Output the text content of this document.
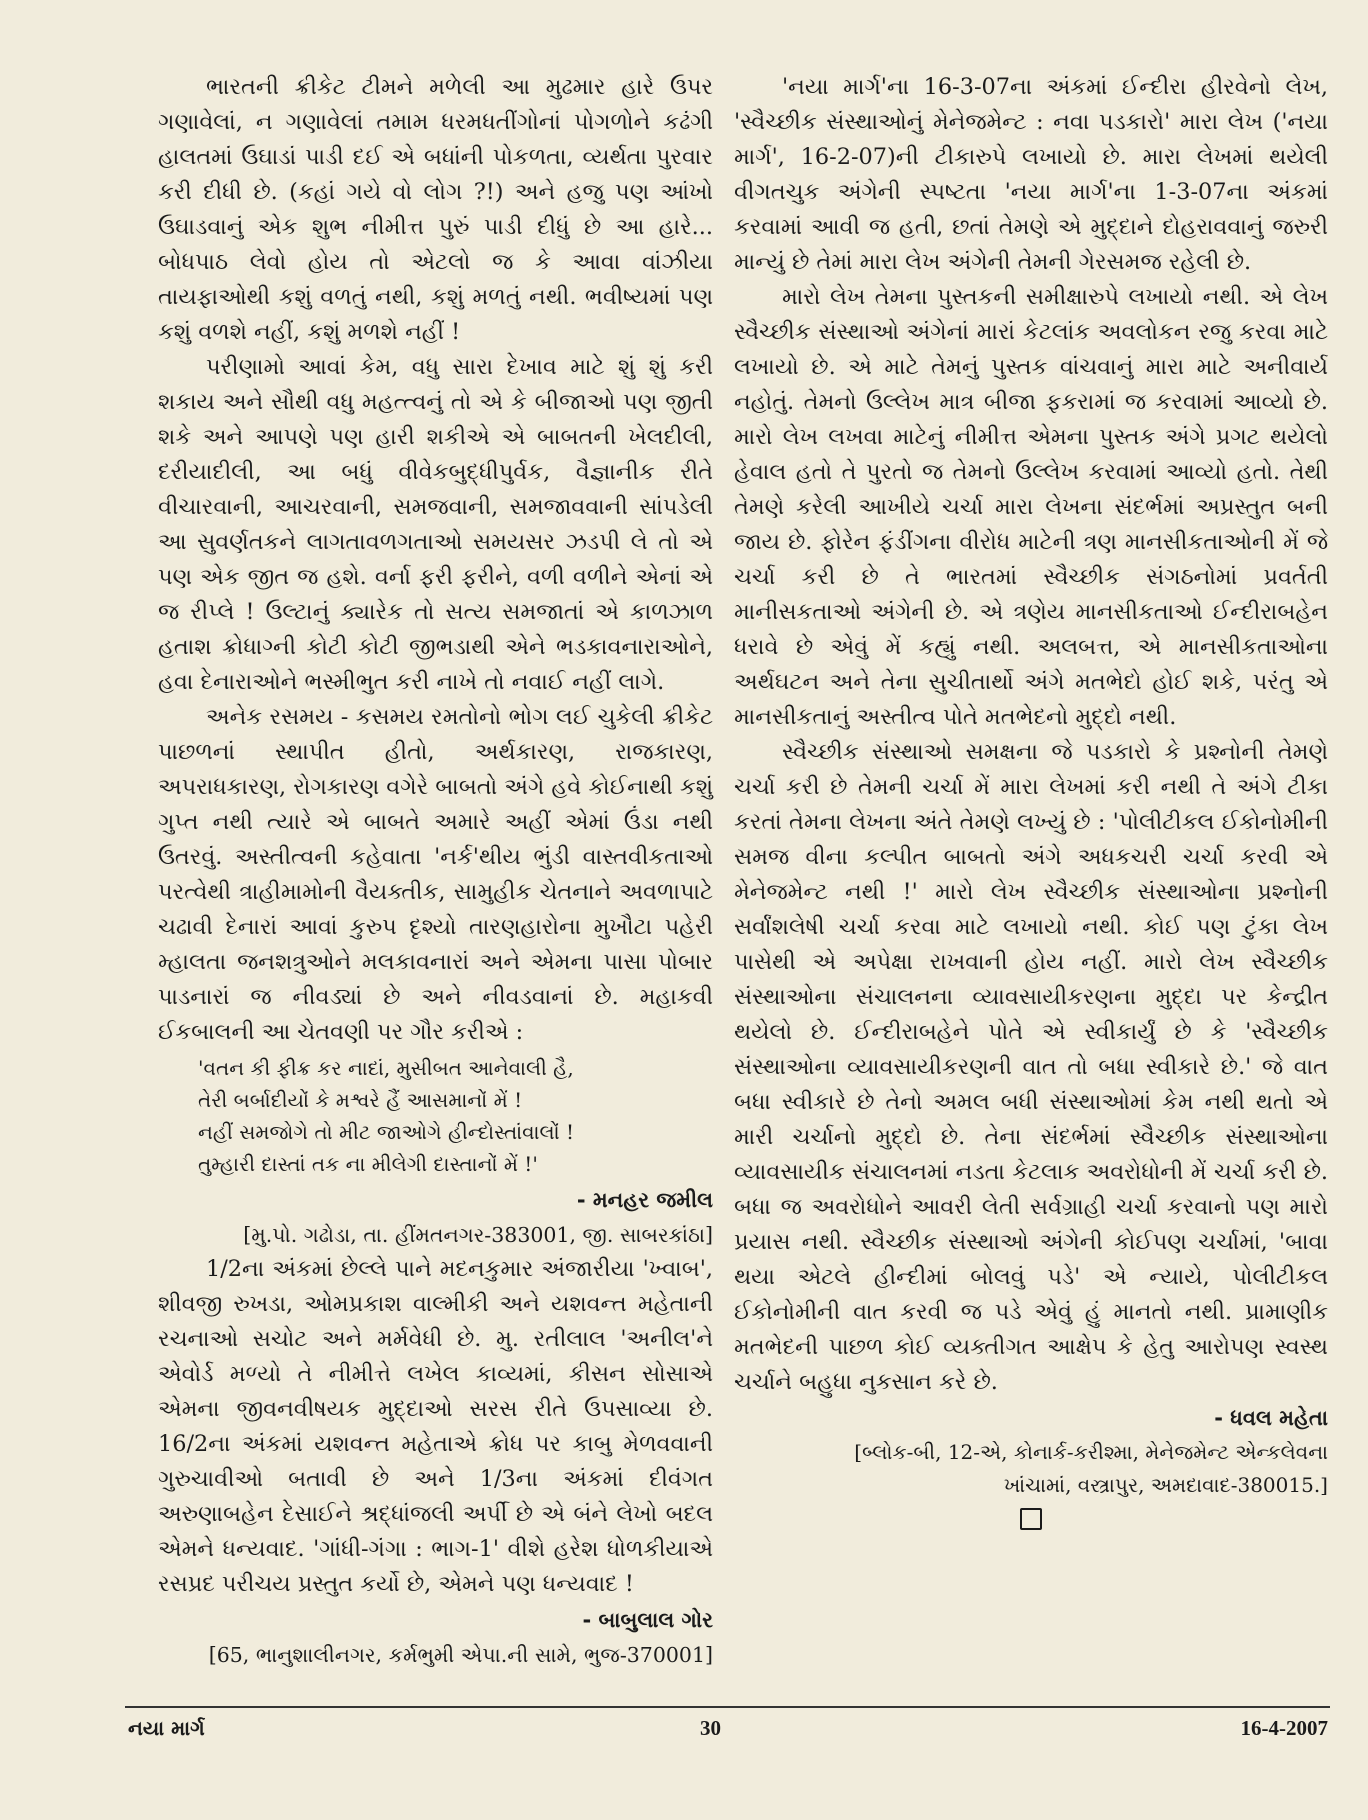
ભારતની ક્રીકેટ ટીમને મળેલી આ મુઢમાર હારે ઉપર ગણાવેલાં, ન ગણાવેલાં તમામ ધરમધતીંગોનાં પોગળોને કઢંગી હાલતમાં ઉઘાડાં પાડી દઈ એ બધાંની પોકળતા, વ્યર્થતા પુરવાર કરી દીધી છે. (કહાં ગયે વો લોગ ?!) અને હજુ પણ આંખો ઉઘાડવાનું એક શુભ નીમીત્ત પુરું પાડી દીધું છે આ હારે... બોધપાઠ લેવો હોય તો એટલો જ કે આવા વાંઝીયા તાયફાઓથી કશું વળતું નથી, કશું મળતું નથી. ભવીષ્યમાં પણ કશું વળશે નહીં, કશું મળશે નહીં !

પરીણામો આવાં કેમ, વધુ સારા દેખાવ માટે શું શું કરી શકાય અને સૌથી વધુ મહત્ત્વનું તો એ કે બીજાઓ પણ જીતી શકે અને આપણે પણ હારી શકીએ એ બાબતની ખેલદીલી, દરીયાદીલી, આ બધું વીવેકબુદ્ધીપુર્વક, વૈજ્ઞાનીક રીતે વીચારવાની, આચરવાની, સમજવાની, સમજાવવાની સાંપડેલી આ સુવર્ણતકને લાગતાવળગતાઓ સમયસર ઝડપી લે તો એ પણ એક જીત જ હશે. વર્ના ફરી ફરીને, વળી વળીને એનાં એ જ રીપ્લે ! ઉલ્ટાનું ક્યારેક તો સત્ય સમજાતાં એ કાળઝાળ હતાશ ક્રોધાગ્ની કોટી કોટી જીભડાથી એને ભડકાવનારાઓને, હવા દેનારાઓને ભસ્મીભુત કરી નાખે તો નવાઈ નહીં લાગે.

અનેક રસમય - કસમય રમતોનો ભોગ લઈ ચુકેલી ક્રીકેટ પાછળનાં સ્થાપીત હીતો, અર્થકારણ, રાજકારણ, અપરાધકારણ, રોગકારણ વગેરે બાબતો અંગે હવે કોઈનાથી કશું ગુપ્ત નથી ત્યારે એ બાબતે અમારે અહીં એમાં ઉંડા નથી ઉતરવું. અસ્તીત્વની કહેવાતા 'નર્ક'થીય ભુંડી વાસ્તવીકતાઓ પરત્વેથી ત્રાહીમામોની વૈયક્તીક, સામુહીક ચેતનાને અવળાપાટે ચઢાવી દેનારાં આવાં કુરુપ દૃશ્યો તારણહારોના મુખૌટા પહેરી મ્હાલતા જનશત્રુઓને મલકાવનારાં અને એમના પાસા પોબાર પાડનારાં જ નીવડ્યાં છે અને નીવડવાનાં છે. મહાકવી ઈકબાલની આ ચેતવણી પર ગૌર કરીએ :

'વતન કી ફીક્ર કર નાદાં, મુસીબત આનેવાલી હૈ,
તેરી બર્બાદીયોં કે મશ્વરે હૈં આસમાનોં મેં !
નહીં સમજોગે તો મીટ જાઓગે હીન્દોસ્તાંવાલોં !
તુમ્હારી દાસ્તાં તક ના મીલેગી દાસ્તાનોં મેં !'
- મનહર જમીલ
[મુ.પો. ગઢોડા, તા. હીંમતનગર-383001, જી. સાબરકાંઠા]

1/2ના અંકમાં છેલ્લે પાને મદનકુમાર અંજારીયા 'ખ્વાબ', શીવજી રુખડા, ઓમપ્રકાશ વાલ્મીકી અને યશવન્ત મહેતાની રચનાઓ સચોટ અને મર્મવેધી છે. મુ. રતીલાલ 'અનીલ'ને એવોર્ડ મળ્યો તે નીમીત્તે લખેલ કાવ્યમાં, કીસન સોસાએ એમના જીવનવીષયક મુદ્દાઓ સરસ રીતે ઉપસાવ્યા છે. 16/2ના અંકમાં યશવન્ત મહેતાએ ક્રોધ પર કાબુ મેળવવાની ગુરુચાવીઓ બતાવી છે અને 1/3ના અંકમાં દીવંગત અરુણાબહેન દેસાઈને શ્રદ્ધાંજલી અર્પી છે એ બંને લેખો બદલ એમને ધન્યવાદ. 'ગાંધી-ગંગા : ભાગ-1' વીશે હરેશ ધોળકીયાએ રસપ્રદ પરીચય પ્રસ્તુત કર્યો છે, એમને પણ ધન્યવાદ !

- બાબુલાલ ગોર
[65, ભાનુશાલીનગર, કર્મભુમી એપા.ની સામે, ભુજ-370001]

'નયા માર્ગ'ના 16-3-07ના અંકમાં ઈન્દીરા હીરવેનો લેખ, 'સ્વૈચ્છીક સંસ્થાઓનું મેનેજમેન્ટ : નવા પડકારો' મારા લેખ ('નયા માર્ગ', 16-2-07)ની ટીકારુપે લખાયો છે. મારા લેખમાં થયેલી વીગતચુક અંગેની સ્પષ્ટતા 'નયા માર્ગ'ના 1-3-07ના અંકમાં કરવામાં આવી જ હતી, છતાં તેમણે એ મુદ્દાને દોહરાવવાનું જરુરી માન્યું છે તેમાં મારા લેખ અંગેની તેમની ગેરસમજ રહેલી છે.

મારો લેખ તેમના પુસ્તકની સમીક્ષારુપે લખાયો નથી. એ લેખ સ્વૈચ્છીક સંસ્થાઓ અંગેનાં મારાં કેટલાંક અવલોકન રજુ કરવા માટે લખાયો છે. એ માટે તેમનું પુસ્તક વાંચવાનું મારા માટે અનીવાર્ય નહોતું. તેમનો ઉલ્લેખ માત્ર બીજા ફકરામાં જ કરવામાં આવ્યો છે. મારો લેખ લખવા માટેનું નીમીત્ત એમના પુસ્તક અંગે પ્રગટ થયેલો હેવાલ હતો તે પુરતો જ તેમનો ઉલ્લેખ કરવામાં આવ્યો હતો. તેથી તેમણે કરેલી આખીયે ચર્ચા મારા લેખના સંદર્ભમાં અપ્રસ્તુત બની જાય છે. ફોરેન ફંડીંગના વીરોધ માટેની ત્રણ માનસીકતાઓની મેં જે ચર્ચા કરી છે તે ભારતમાં સ્વૈચ્છીક સંગઠનોમાં પ્રવર્તતી માનીસકતાઓ અંગેની છે. એ ત્રણેય માનસીકતાઓ ઈન્દીરાબહેન ધરાવે છે એવું મેં કહ્યું નથી. અલબત્ત, એ માનસીકતાઓના અર્થઘટન અને તેના સુચીતાર્થો અંગે મતભેદો હોઈ શકે, પરંતુ એ માનસીકતાનું અસ્તીત્વ પોતે મતભેદનો મુદ્દો નથી.

સ્વૈચ્છીક સંસ્થાઓ સમક્ષના જે પડકારો કે પ્રશ્નોની તેમણે ચર્ચા કરી છે તેમની ચર્ચા મેં મારા લેખમાં કરી નથી તે અંગે ટીકા કરતાં તેમના લેખના અંતે તેમણે લખ્યું છે : 'પોલીટીકલ ઈકોનોમીની સમજ વીના કલ્પીત બાબતો અંગે અધકચરી ચર્ચા કરવી એ મેનેજમેન્ટ નથી !' મારો લેખ સ્વૈચ્છીક સંસ્થાઓના પ્રશ્નોની સર્વાંશલેષી ચર્ચા કરવા માટે લખાયો નથી. કોઈ પણ ટુંકા લેખ પાસેથી એ અપેક્ષા રાખવાની હોય નહીં. મારો લેખ સ્વૈચ્છીક સંસ્થાઓના સંચાલનના વ્યાવસાયીકરણના મુદ્દા પર કેન્દ્રીત થયેલો છે. ઈન્દીરાબહેને પોતે એ સ્વીકાર્યું છે કે 'સ્વૈચ્છીક સંસ્થાઓના વ્યાવસાયીકરણની વાત તો બધા સ્વીકારે છે.' જે વાત બધા સ્વીકારે છે તેનો અમલ બધી સંસ્થાઓમાં કેમ નથી થતો એ મારી ચર્ચાનો મુદ્દો છે. તેના સંદર્ભમાં સ્વૈચ્છીક સંસ્થાઓના વ્યાવસાયીક સંચાલનમાં નડતા કેટલાક અવરોધોની મેં ચર્ચા કરી છે. બધા જ અવરોધોને આવરી લેતી સર્વગ્રાહી ચર્ચા કરવાનો પણ મારો પ્રયાસ નથી. સ્વૈચ્છીક સંસ્થાઓ અંગેની કોઈપણ ચર્ચામાં, 'બાવા થયા એટલે હીન્દીમાં બોલવું પડે' એ ન્યાયે, પોલીટીકલ ઈકોનોમીની વાત કરવી જ પડે એવું હું માનતો નથી. પ્રામાણીક મતભેદની પાછળ કોઈ વ્યક્તીગત આક્ષેપ કે હેતુ આરોપણ સ્વસ્થ ચર્ચાને બહુધા નુકસાન કરે છે.

- ધવલ મહેતા
[બ્લોક-બી, 12-એ, કોનાર્ક-કરીશ્મા, મેનેજમેન્ટ એન્કલેવના
ખાંચામાં, વસ્ત્રાપુર, અમદાવાદ-380015.]
નયા માર્ગ	30	16-4-2007
